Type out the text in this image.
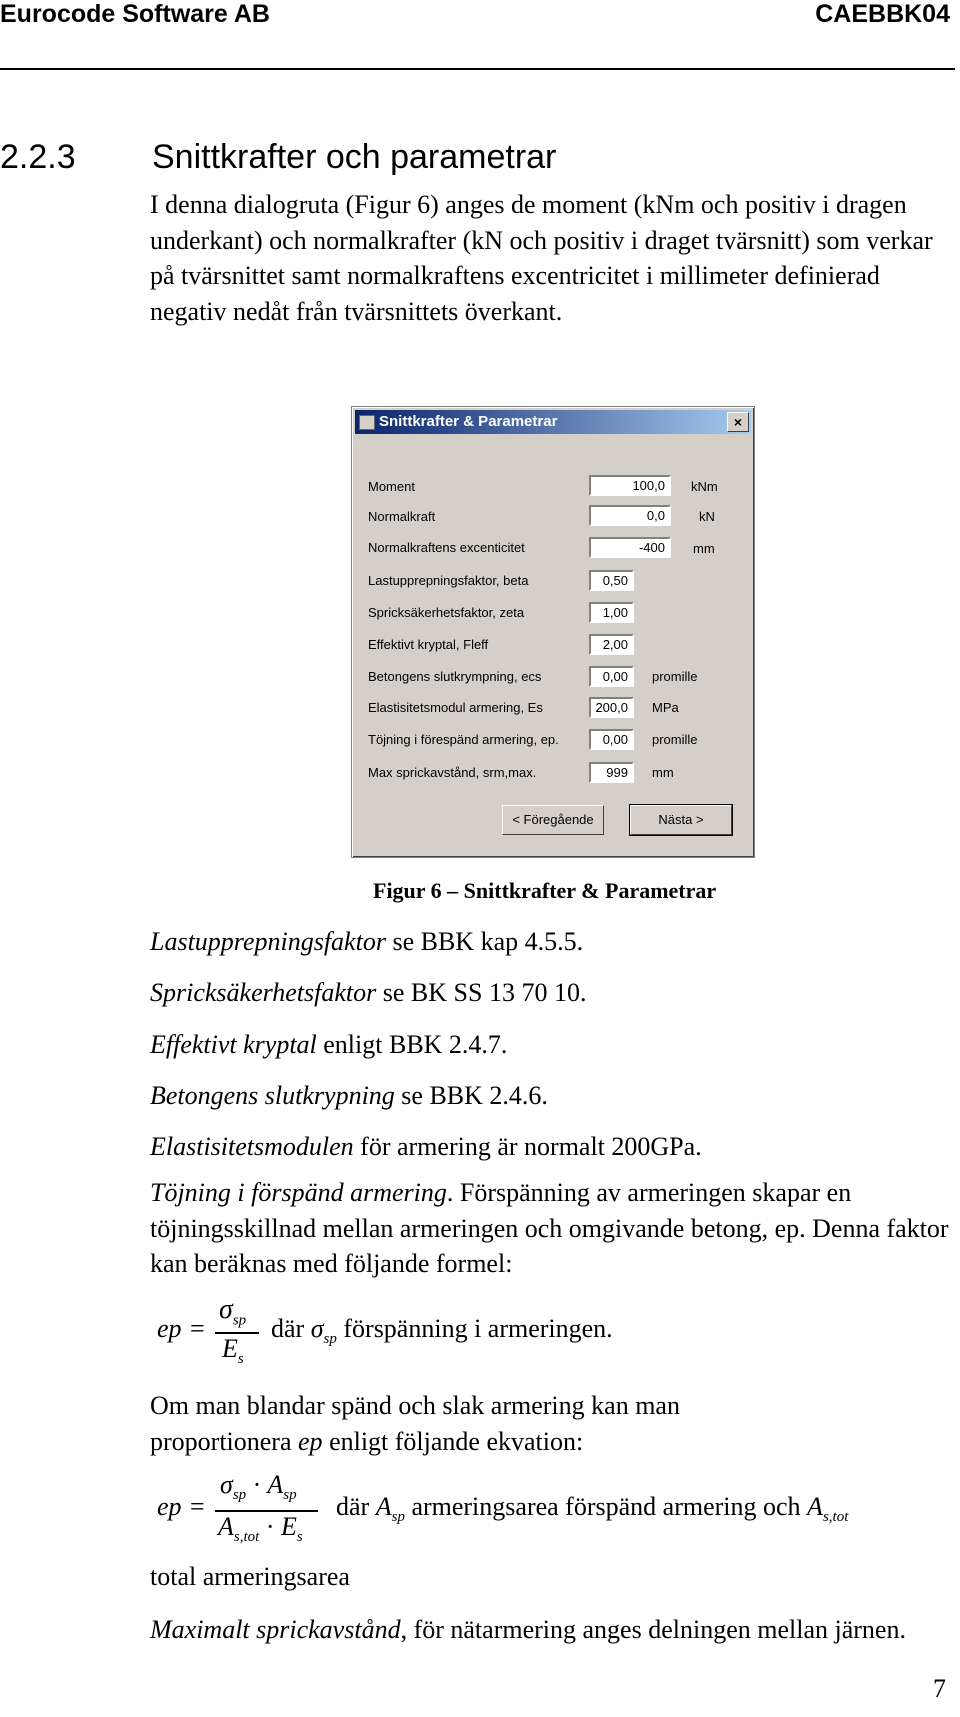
Eurocode Software AB	CAEBBK04
2.2.3 Snittkrafter och parametrar
I denna dialogruta (Figur 6) anges de moment (kNm och positiv i dragen underkant) och normalkrafter (kN och positiv i draget tvärsnitt) som verkar på tvärsnittet samt normalkraftens excentricitet i millimeter definierad negativ nedåt från tvärsnittets överkant.
Snittkrafter & Parametrar	×
Moment	100,0	kNm
Normalkraft	0,0	kN
Normalkraftens excenticitet	-400	mm
Lastupprepningsfaktor, beta	0,50
Spricksäkerhetsfaktor, zeta	1,00
Effektivt kryptal, Fleff	2,00
Betongens slutkrympning, ecs	0,00	promille
Elastisitetsmodul armering, Es	200,0	MPa
Töjning i förespänd armering, ep.	0,00	promille
Max sprickavstånd, srm,max.	999	mm
< Föregående	Nästa >
Figur 6 – Snittkrafter & Parametrar
Lastupprepningsfaktor se BBK kap 4.5.5.
Spricksäkerhetsfaktor se BK SS 13 70 10.
Effektivt kryptal enligt BBK 2.4.7.
Betongens slutkrypning se BBK 2.4.6.
Elastisitetsmodulen för armering är normalt 200GPa.
Töjning i förspänd armering. Förspänning av armeringen skapar en töjningsskillnad mellan armeringen och omgivande betong, ep. Denna faktor kan beräknas med följande formel:
ep =
$\sigma_{sp}$
$E_s$
där $\sigma_{sp}$ förspänning i armeringen.
Om man blandar spänd och slak armering kan man
proportionera ep enligt följande ekvation:
ep =
$\sigma_{sp} \cdot A_{sp}$
$A_{s,tot} \cdot E_s$
där $A_{sp}$ armeringsarea förspänd armering och $A_{s,tot}$
total armeringsarea
Maximalt sprickavstånd, för nätarmering anges delningen mellan järnen.
7
